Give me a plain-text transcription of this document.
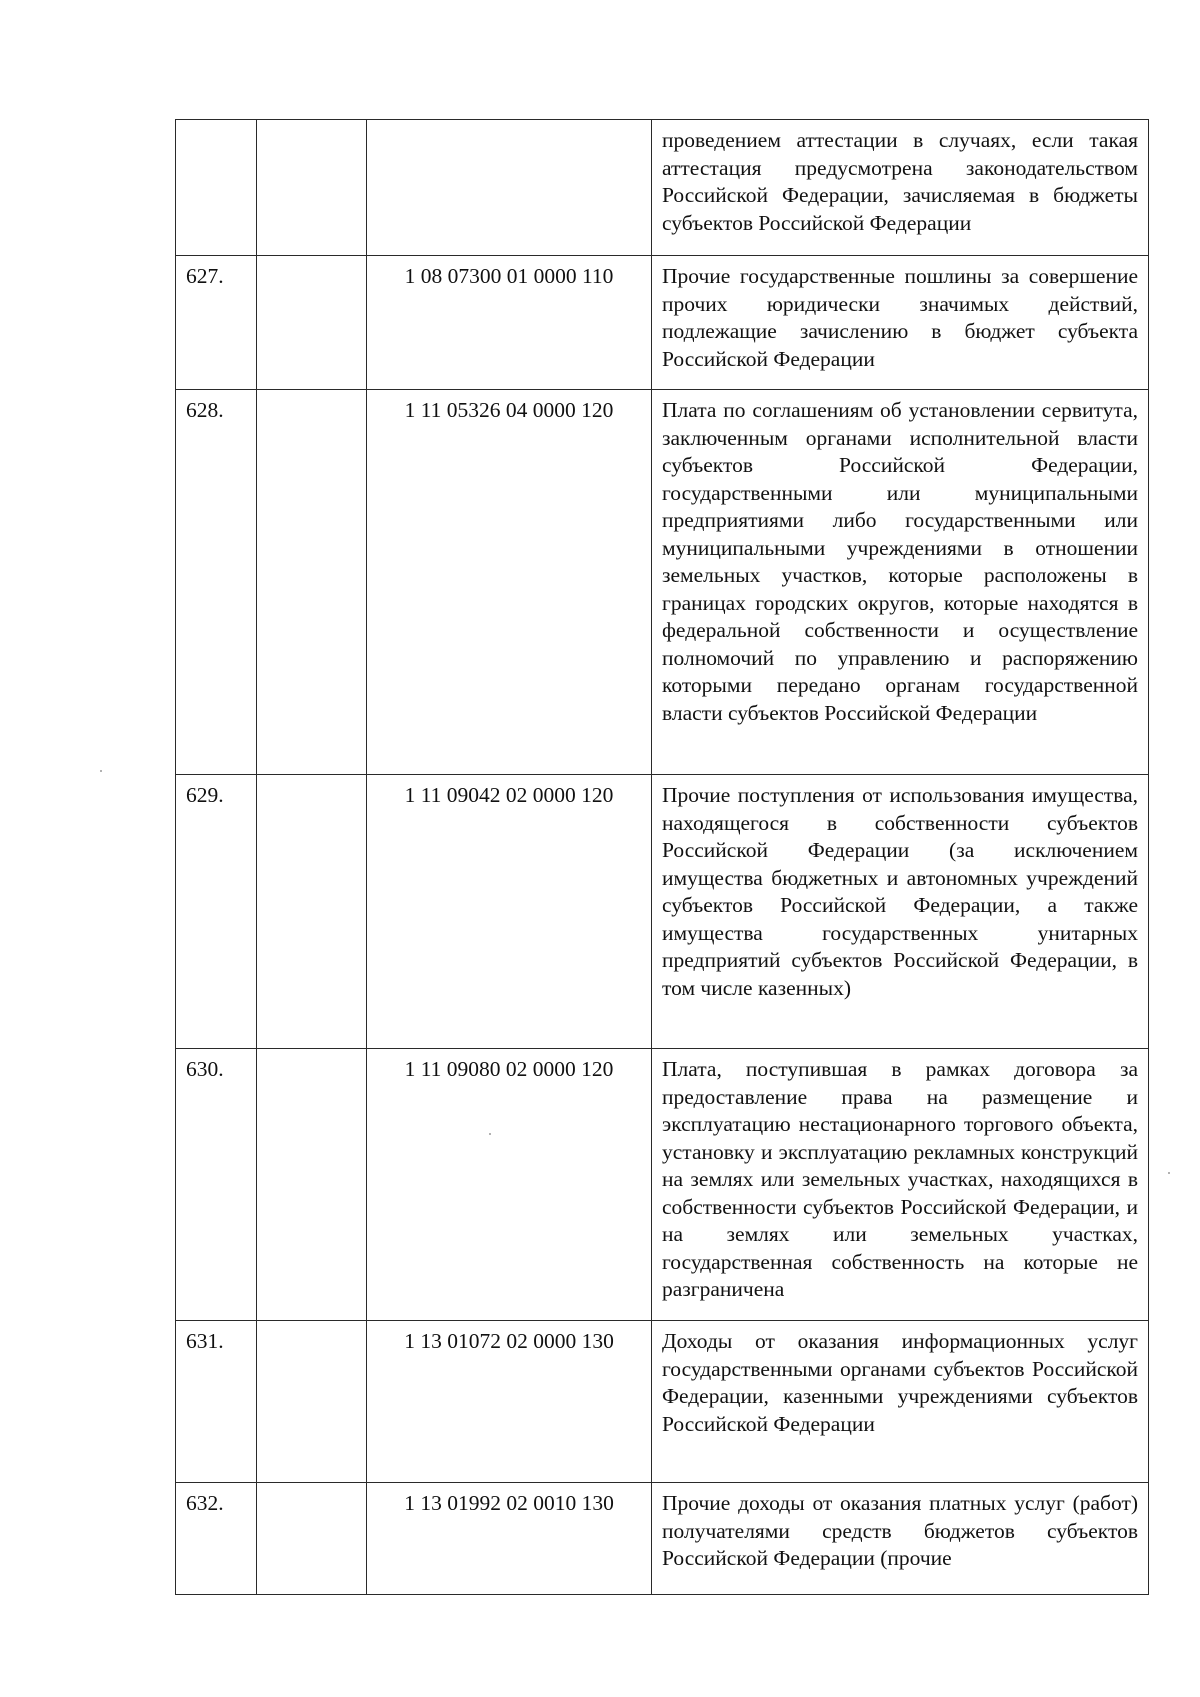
			проведением аттестации в случаях, если такая аттестация предусмотрена законодательством Российской Федерации, зачисляемая в бюджеты субъектов Российской Федерации
627.		1 08 07300 01 0000 110	Прочие государственные пошлины за совершение прочих юридически значимых действий, подлежащие зачислению в бюджет субъекта Российской Федерации
628.		1 11 05326 04 0000 120	Плата по соглашениям об установлении сервитута, заключенным органами исполнительной власти субъектов Российской Федерации, государственными или муниципальными предприятиями либо государственными или муниципальными учреждениями в отношении земельных участков, которые расположены в границах городских округов, которые находятся в федеральной собственности и осуществление полномочий по управлению и распоряжению которыми передано органам государственной власти субъектов Российской Федерации
629.		1 11 09042 02 0000 120	Прочие поступления от использования имущества, находящегося в собственности субъектов Российской Федерации (за исключением имущества бюджетных и автономных учреждений субъектов Российской Федерации, а также имущества государственных унитарных предприятий субъектов Российской Федерации, в том числе казенных)
630.		1 11 09080 02 0000 120	Плата, поступившая в рамках договора за предоставление права на размещение и эксплуатацию нестационарного торгового объекта, установку и эксплуатацию рекламных конструкций на землях или земельных участках, находящихся в собственности субъектов Российской Федерации, и на землях или земельных участках, государственная собственность на которые не разграничена
631.		1 13 01072 02 0000 130	Доходы от оказания информационных услуг государственными органами субъектов Российской Федерации, казенными учреждениями субъектов Российской Федерации
632.		1 13 01992 02 0010 130	Прочие доходы от оказания платных услуг (работ) получателями средств бюджетов субъектов Российской Федерации (прочие
